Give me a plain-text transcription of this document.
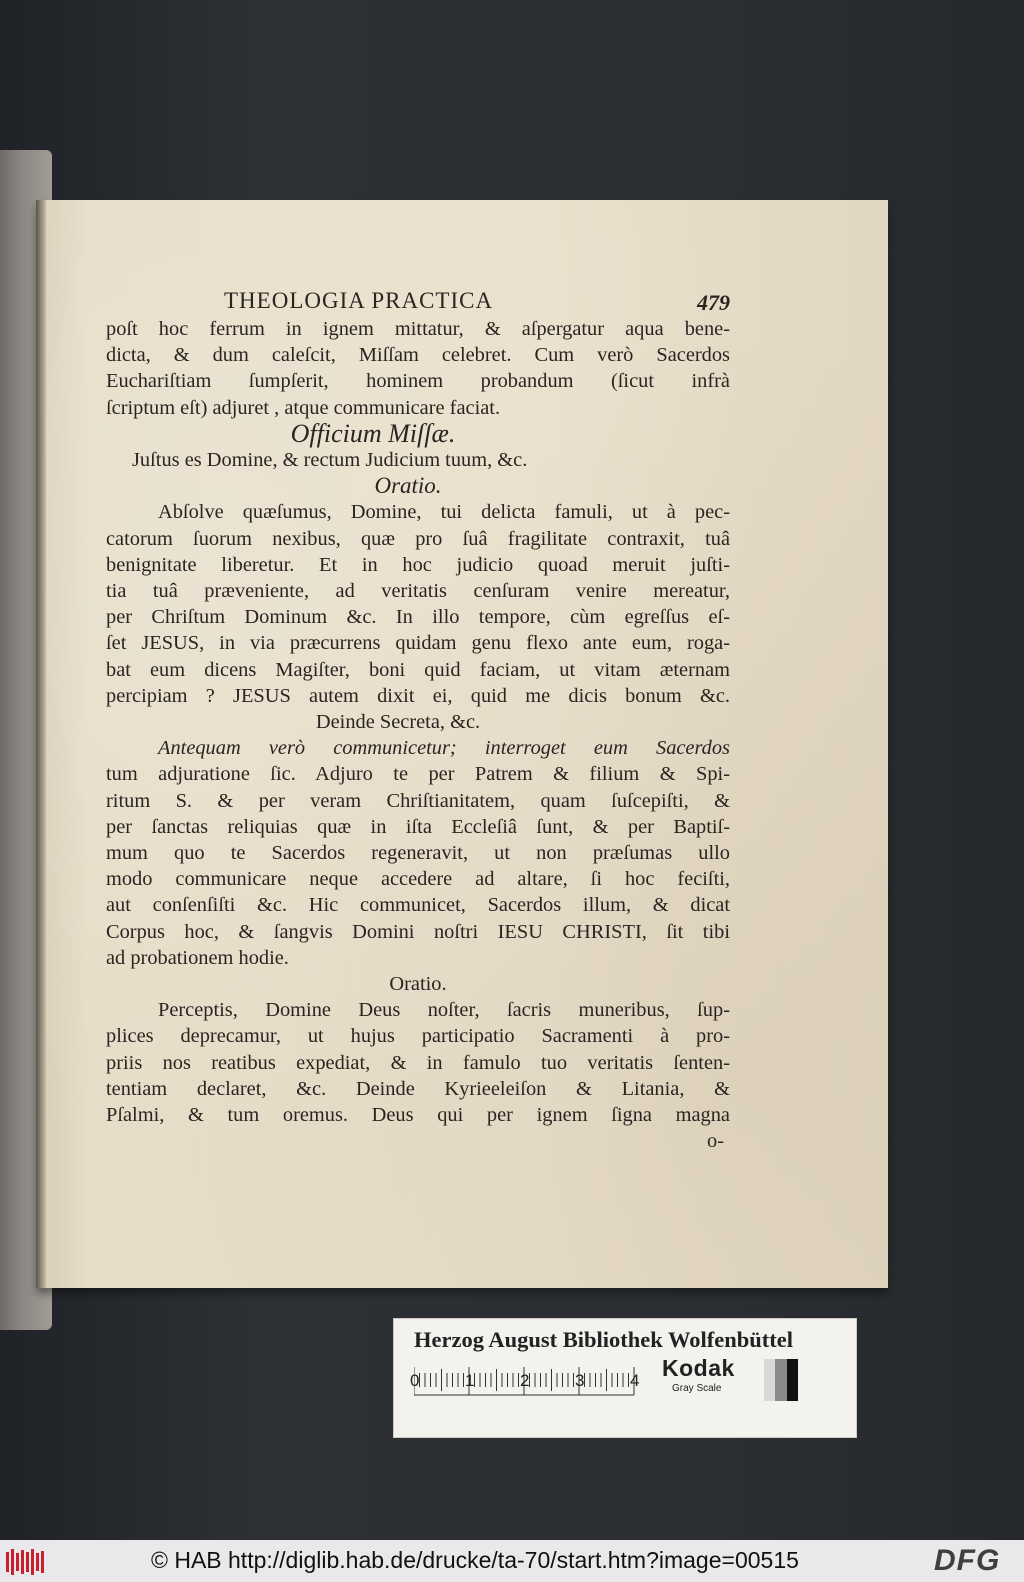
THEOLOGIA PRACTICA	479
poſt hoc ferrum in ignem mittatur, & aſpergatur aqua bene-
dicta, & dum caleſcit, Miſſam celebret. Cum verò Sacerdos
Euchariſtiam ſumpſerit, hominem probandum (ſicut infrà
ſcriptum eſt) adjuret , atque communicare faciat.
Officium Miſſæ.
Juſtus es Domine, & rectum Judicium tuum, &c.
Oratio.
Abſolve quæſumus, Domine, tui delicta famuli, ut à pec-
catorum ſuorum nexibus, quæ pro ſuâ fragilitate contraxit, tuâ
benignitate liberetur. Et in hoc judicio quoad meruit juſti-
tia tuâ præveniente, ad veritatis cenſuram venire mereatur,
per Chriſtum Dominum &c. In illo tempore, cùm egreſſus eſ-
ſet JESUS, in via præcurrens quidam genu flexo ante eum, roga-
bat eum dicens Magiſter, boni quid faciam, ut vitam æternam
percipiam ? JESUS autem dixit ei, quid me dicis bonum &c.
Deinde Secreta, &c.
Antequam verò communicetur; interroget eum Sacerdos
tum adjuratione ſic. Adjuro te per Patrem & filium & Spi-
ritum S. & per veram Chriſtianitatem, quam ſuſcepiſti, &
per ſanctas reliquias quæ in iſta Eccleſiâ ſunt, & per Baptiſ-
mum quo te Sacerdos regeneravit, ut non præſumas ullo
modo communicare neque accedere ad altare, ſi hoc feciſti,
aut conſenſiſti &c. Hic communicet, Sacerdos illum, & dicat
Corpus hoc, & ſangvis Domini noſtri IESU CHRISTI, ſit tibi
ad probationem hodie.
Oratio.
Perceptis, Domine Deus noſter, ſacris muneribus, ſup-
plices deprecamur, ut hujus participatio Sacramenti à pro-
priis nos reatibus expediat, & in famulo tuo veritatis ſenten-
tentiam declaret, &c. Deinde Kyrieeleiſon & Litania, &
Pſalmi, & tum oremus. Deus qui per ignem ſigna magna
o-
Herzog August Bibliothek Wolfenbüttel
0	1	2	3	4 Kodak
Gray Scale
© HAB http://diglib.hab.de/drucke/ta-70/start.htm?image=00515	DFG
